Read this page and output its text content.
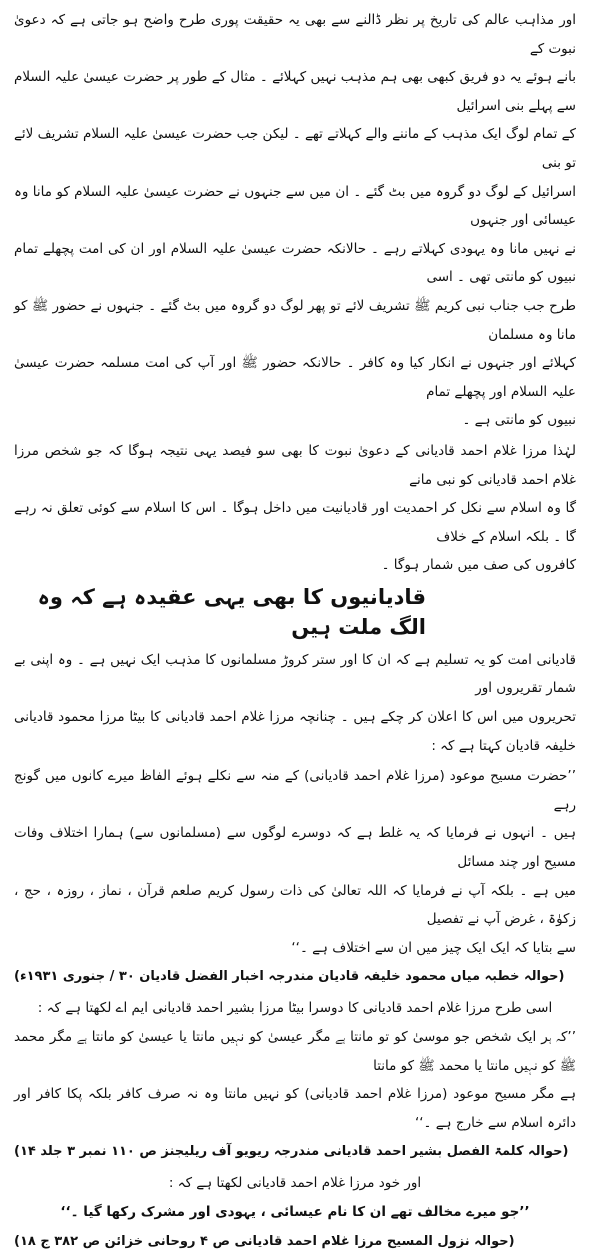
اور مذاہب عالم کی تاریخ پر نظر ڈالنے سے بھی یہ حقیقت پوری طرح واضح ہو جاتی ہے کہ دعویٰ نبوت کے
بانے ہوئے یہ دو فریق کبھی بھی ہم مذہب نہیں کہلائے ۔ مثال کے طور پر حضرت عیسیٰ علیہ السلام سے پہلے بنی اسرائیل
کے تمام لوگ ایک مذہب کے ماننے والے کہلاتے تھے ۔ لیکن جب حضرت عیسیٰ علیہ السلام تشریف لائے تو بنی
اسرائیل کے لوگ دو گروہ میں بٹ گئے ۔ ان میں سے جنہوں نے حضرت عیسیٰ علیہ السلام کو مانا وہ عیسائی اور جنہوں
نے نہیں مانا وہ یہودی کہلاتے رہے ۔ حالانکہ حضرت عیسیٰ علیہ السلام اور ان کی امت پچھلے تمام نبیوں کو مانتی تھی ۔ اسی
طرح جب جناب نبی کریم ﷺ تشریف لائے تو پھر لوگ دو گروہ میں بٹ گئے ۔ جنہوں نے حضور ﷺ کو مانا وہ مسلمان
کہلائے اور جنہوں نے انکار کیا وہ کافر ۔ حالانکہ حضور ﷺ اور آپ کی امت مسلمہ حضرت عیسیٰ علیہ السلام اور پچھلے تمام
نبیوں کو مانتی ہے ۔

لہٰذا مرزا غلام احمد قادیانی کے دعویٰ نبوت کا بھی سو فیصد یہی نتیجہ ہوگا کہ جو شخص مرزا غلام احمد قادیانی کو نبی مانے
گا وہ اسلام سے نکل کر احمدیت اور قادیانیت میں داخل ہوگا ۔ اس کا اسلام سے کوئی تعلق نہ رہے گا ۔ بلکہ اسلام کے خلاف
کافروں کی صف میں شمار ہوگا ۔

قادیانیوں کا بھی یہی عقیدہ ہے کہ وہ الگ ملت ہیں

قادیانی امت کو یہ تسلیم ہے کہ ان کا اور ستر کروڑ مسلمانوں کا مذہب ایک نہیں ہے ۔ وہ اپنی بے شمار تقریروں اور
تحریروں میں اس کا اعلان کر چکے ہیں ۔ چنانچہ مرزا غلام احمد قادیانی کا بیٹا مرزا محمود قادیانی خلیفہ قادیان کہتا ہے کہ :

’’حضرت مسیح موعود (مرزا غلام احمد قادیانی) کے منہ سے نکلے ہوئے الفاظ میرے کانوں میں گونج رہے
ہیں ۔ انہوں نے فرمایا کہ یہ غلط ہے کہ دوسرے لوگوں سے (مسلمانوں سے) ہمارا اختلاف وفات مسیح اور چند مسائل
میں ہے ۔ بلکہ آپ نے فرمایا کہ اللہ تعالیٰ کی ذات رسول کریم صلعم قرآن ، نماز ، روزہ ، حج ، زکوٰۃ ، غرض آپ نے تفصیل
سے بتایا کہ ایک ایک چیز میں ان سے اختلاف ہے ۔‘‘

(حوالہ خطبہ میاں محمود خلیفہ قادیان مندرجہ اخبار الفضل قادیان ۳۰ / جنوری ۱۹۳۱ء)

اسی طرح مرزا غلام احمد قادیانی کا دوسرا بیٹا مرزا بشیر احمد قادیانی ایم اے لکھتا ہے کہ :

’’کہ ہر ایک شخص جو موسیٰ کو تو مانتا ہے مگر عیسیٰ کو نہیں مانتا یا عیسیٰ کو مانتا ہے مگر محمد ﷺ کو نہیں مانتا یا محمد ﷺ کو مانتا
ہے مگر مسیح موعود (مرزا غلام احمد قادیانی) کو نہیں مانتا وہ نہ صرف کافر بلکہ پکا کافر اور دائرہ اسلام سے خارج ہے ۔‘‘

(حوالہ کلمۃ الفصل بشیر احمد قادیانی مندرجہ ریویو آف ریلیجنز ص ۱۱۰ نمبر ۳ جلد ۱۴)

اور خود مرزا غلام احمد قادیانی لکھتا ہے کہ :

’’جو میرے مخالف تھے ان کا نام عیسائی ، یہودی اور مشرک رکھا گیا ۔‘‘

(حوالہ نزول المسیح مرزا غلام احمد قادیانی ص ۴ روحانی خزائن ص ۳۸۲ ج ۱۸)
